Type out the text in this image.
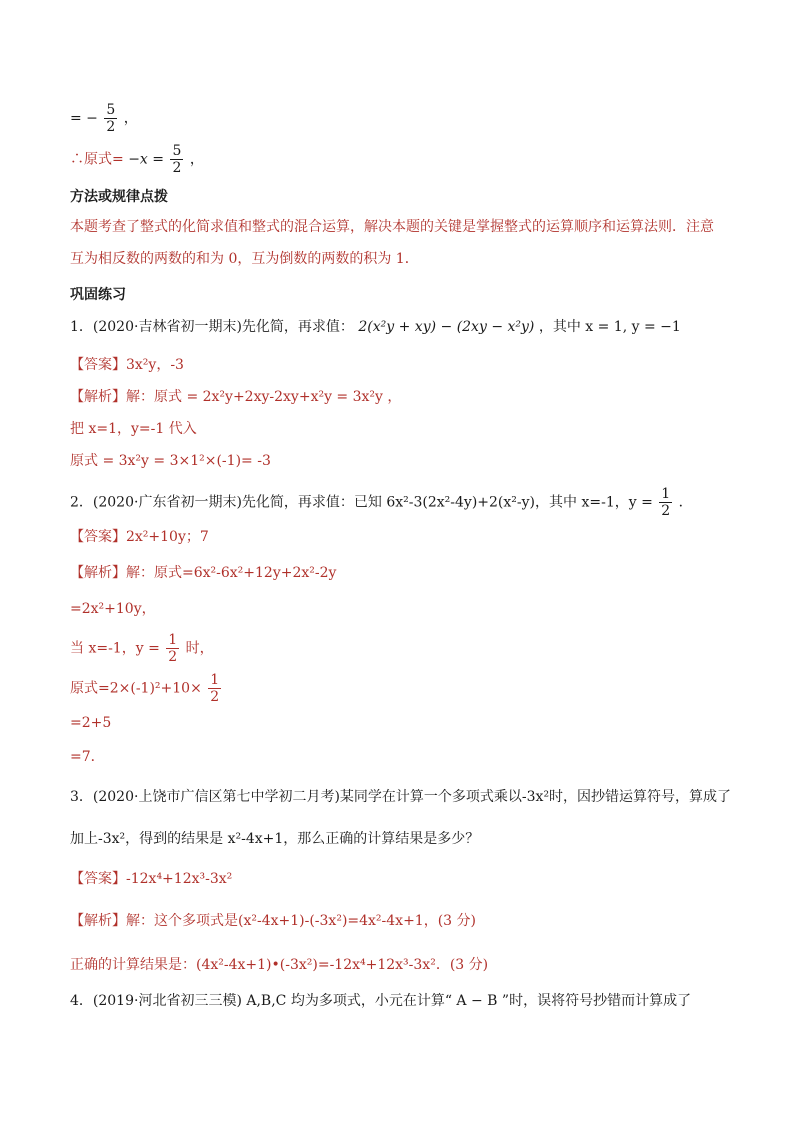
= − $\frac{5}{2}$ ，
∴原式= $-x = \frac{5}{2}$ ，
方法或规律点拨
本题考查了整式的化简求值和整式的混合运算，解决本题的关键是掌握整式的运算顺序和运算法则．注意
互为相反数的两数的和为 0，互为倒数的两数的积为 1．
巩固练习
1．(2020·吉林省初一期末)先化简，再求值： 2(x²y + xy) − (2xy − x²y) ，其中 x = 1, y = −1
【答案】3x²y，-3
【解析】解：原式 = 2x²y+2xy-2xy+x²y = 3x²y ，
把 x=1，y=-1 代入
原式 = 3x²y = 3×1²×(-1)= -3
2．(2020·广东省初一期末)先化简，再求值：已知 6x²-3(2x²-4y)+2(x²-y)，其中 x=-1，$y = \frac{1}{2}$ ．
【答案】2x²+10y；7
【解析】解：原式=6x²-6x²+12y+2x²-2y
=2x²+10y，
当 x=-1，$y = \frac{1}{2}$ 时，
原式$=2\times(-1)^2+10\times \frac{1}{2}$
=2+5
=7．
3．(2020·上饶市广信区第七中学初二月考)某同学在计算一个多项式乘以-3x²时，因抄错运算符号，算成了
加上-3x²，得到的结果是 x²-4x+1，那么正确的计算结果是多少？
【答案】-12x⁴+12x³-3x²
【解析】解：这个多项式是(x²-4x+1)-(-3x²)=4x²-4x+1，(3 分)
正确的计算结果是：(4x²-4x+1)•(-3x²)=-12x⁴+12x³-3x²．(3 分)
4．(2019·河北省初三三模) A,B,C 均为多项式，小元在计算“ A − B ”时，误将符号抄错而计算成了
